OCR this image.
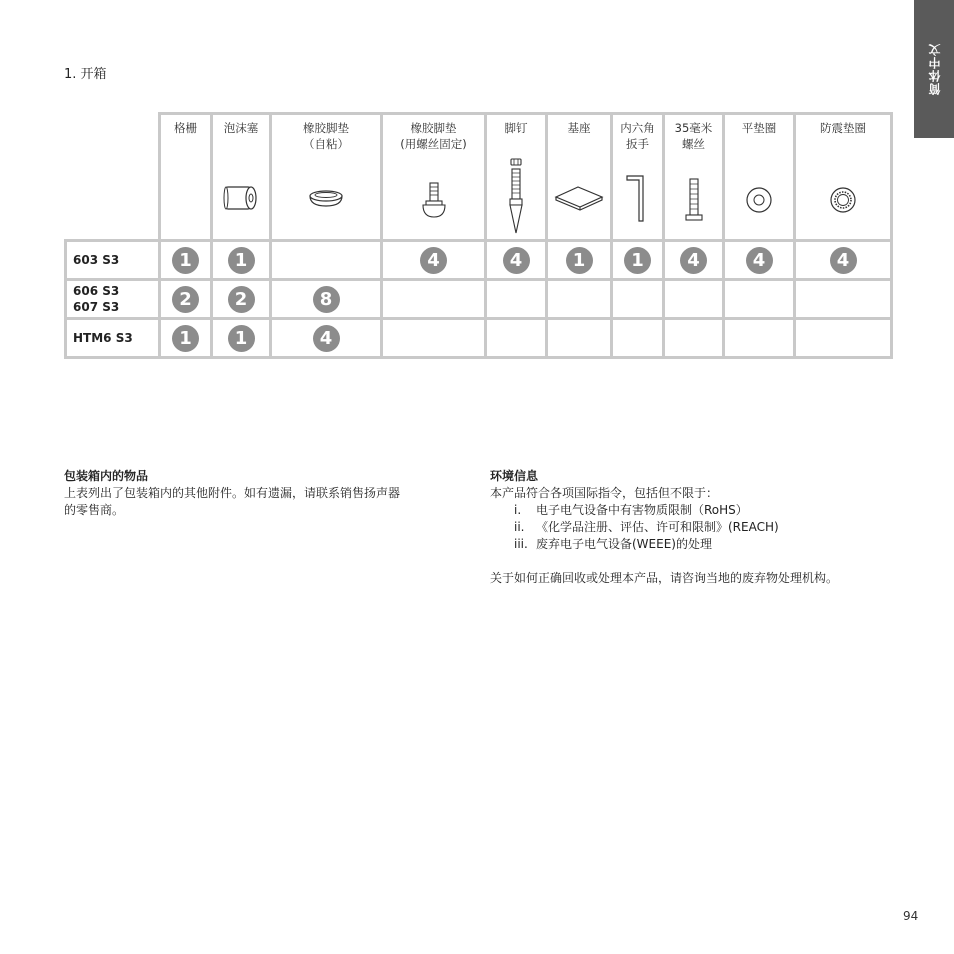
简体中文
1. 开箱

	格栅	泡沫塞	橡胶脚垫
（自粘）	橡胶脚垫
(用螺丝固定)	脚钉	基座	内六角
扳手	35毫米
螺丝	平垫圈	防震垫圈

603 S3	1	1		4	4	1	1	4	4	4
606 S3
607 S3	2	2	8							
HTM6 S3	1	1	4							
包装箱内的物品

上表列出了包装箱内的其他附件。如有遗漏，请联系销售扬声器

的零售商。

环境信息

本产品符合各项国际指令，包括但不限于：

i. 电子电气设备中有害物质限制（RoHS）

ii. 《化学品注册、评估、许可和限制》(REACH)

iii. 废弃电子电气设备(WEEE)的处理

关于如何正确回收或处理本产品，请咨询当地的废弃物处理机构。

94
